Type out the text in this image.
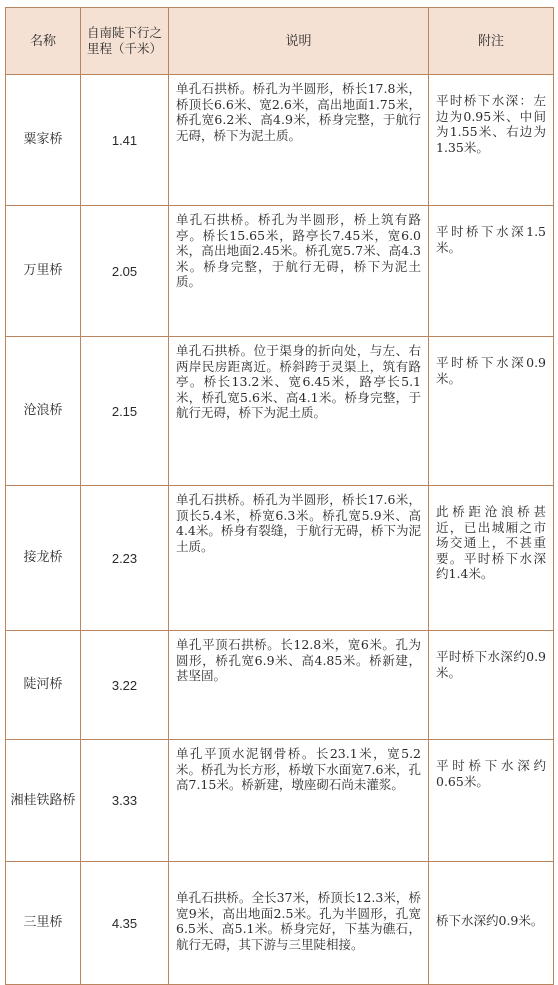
名称	自南陡下行之里程（千米）	说明	附注
粟家桥	1.41	单孔石拱桥。桥孔为半圆形，桥长17.8米，桥顶长6.6米、宽2.6米，高出地面1.75米，桥孔宽6.2米、高4.9米，桥身完整，于航行无碍，桥下为泥土质。	平时桥下水深：左边为0.95米、中间为1.55米、右边为1.35米。
万里桥	2.05	单孔石拱桥。桥孔为半圆形，桥上筑有路亭。桥长15.65米，路亭长7.45米，宽6.0米，高出地面2.45米。桥孔宽5.7米、高4.3米。桥身完整，于航行无碍，桥下为泥土质。	平时桥下水深1.5米。
沧浪桥	2.15	单孔石拱桥。位于渠身的折向处，与左、右两岸民房距离近。桥斜跨于灵渠上，筑有路亭。桥长13.2米、宽6.45米，路亭长5.1米，桥孔宽5.6米、高4.1米。桥身完整，于航行无碍，桥下为泥土质。	平时桥下水深0.9米。
接龙桥	2.23	单孔石拱桥。桥孔为半圆形，桥长17.6米，顶长5.4米，桥宽6.3米。桥孔宽5.9米、高4.4米。桥身有裂缝，于航行无碍，桥下为泥土质。	此桥距沧浪桥甚近，已出城厢之市场交通上，不甚重要。平时桥下水深约1.4米。
陡河桥	3.22	单孔平顶石拱桥。长12.8米，宽6米。孔为圆形，桥孔宽6.9米、高4.85米。桥新建，甚坚固。	平时桥下水深约0.9米。
湘桂铁路桥	3.33	单孔平顶水泥钢骨桥。长23.1米，宽5.2米。桥孔为长方形，桥墩下水面宽7.6米，孔高7.15米。桥新建，墩座砌石尚未灌浆。	平时桥下水深约0.65米。
三里桥	4.35	单孔石拱桥。全长37米，桥顶长12.3米，桥宽9米，高出地面2.5米。孔为半圆形，孔宽6.5米、高5.1米。桥身完好，下基为礁石，航行无碍，其下游与三里陡相接。	桥下水深约0.9米。
